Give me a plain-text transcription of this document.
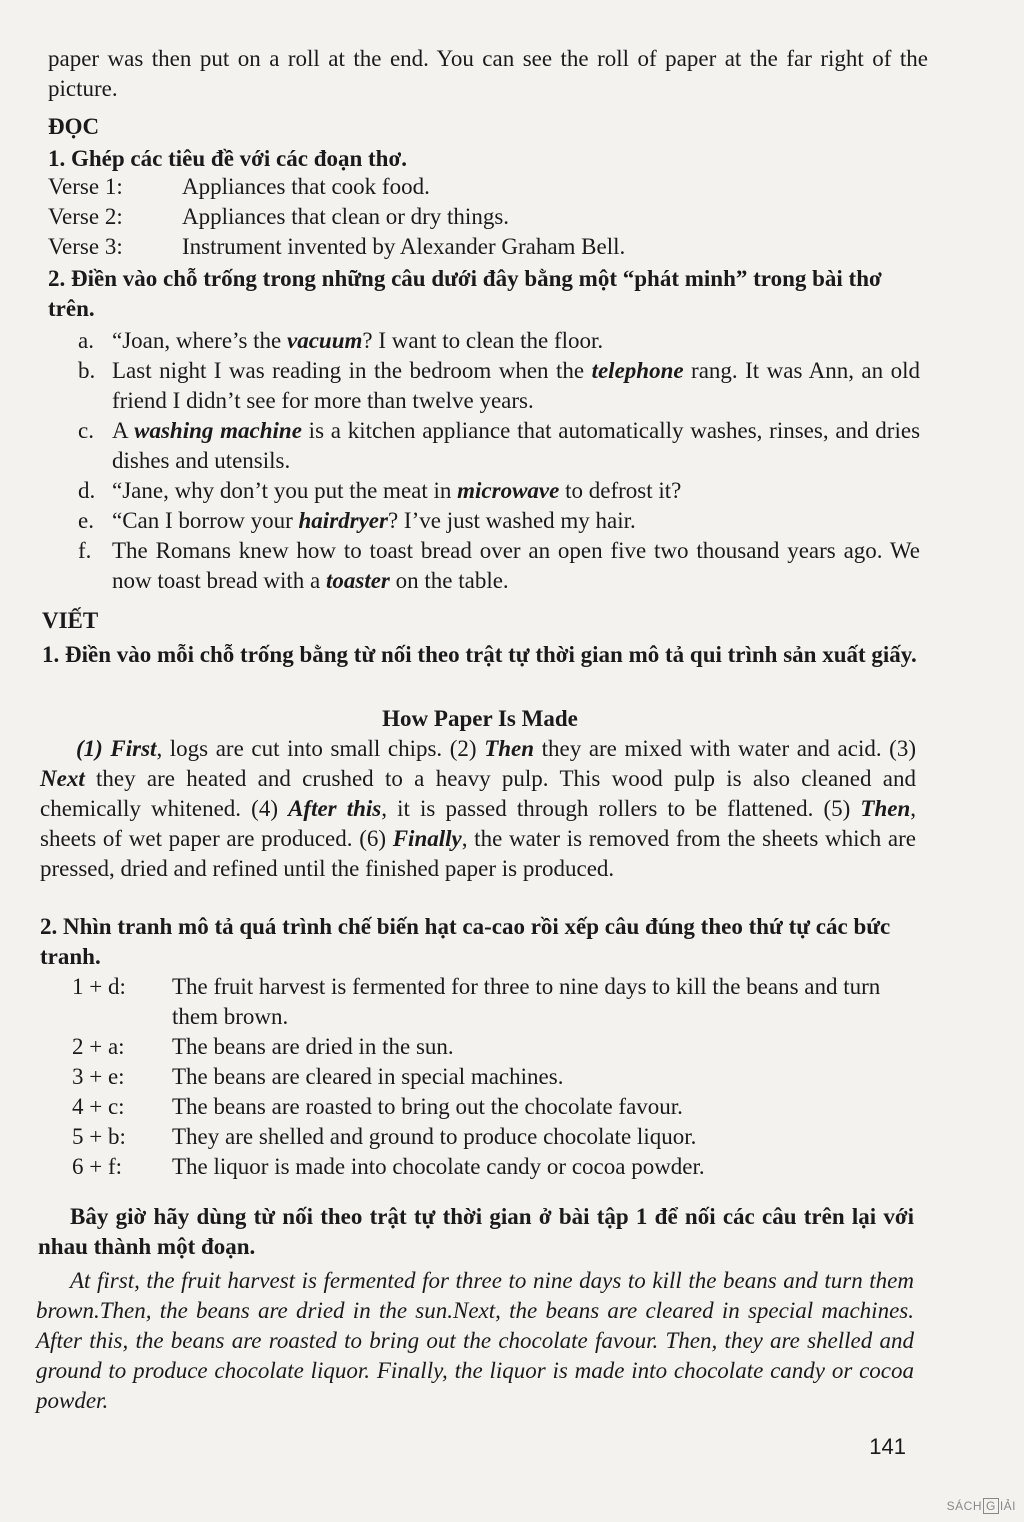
paper was then put on a roll at the end. You can see the roll of paper at the far right of the picture.
ĐỌC
1. Ghép các tiêu đề với các đoạn thơ.
Verse 1:	Appliances that cook food.
Verse 2:	Appliances that clean or dry things.
Verse 3:	Instrument invented by Alexander Graham Bell.
2. Điền vào chỗ trống trong những câu dưới đây bằng một “phát minh” trong bài thơ trên.
a. “Joan, where’s the vacuum? I want to clean the floor.
b. Last night I was reading in the bedroom when the telephone rang. It was Ann, an old friend I didn’t see for more than twelve years.
c. A washing machine is a kitchen appliance that automatically washes, rinses, and dries dishes and utensils.
d. “Jane, why don’t you put the meat in microwave to defrost it?
e. “Can I borrow your hairdryer? I’ve just washed my hair.
f. The Romans knew how to toast bread over an open five two thousand years ago. We now toast bread with a toaster on the table.
VIẾT
1. Điền vào mỗi chỗ trống bằng từ nối theo trật tự thời gian mô tả qui trình sản xuất giấy.
How Paper Is Made
(1) First, logs are cut into small chips. (2) Then they are mixed with water and acid. (3) Next they are heated and crushed to a heavy pulp. This wood pulp is also cleaned and chemically whitened. (4) After this, it is passed through rollers to be flattened. (5) Then, sheets of wet paper are produced. (6) Finally, the water is removed from the sheets which are pressed, dried and refined until the finished paper is produced.
2. Nhìn tranh mô tả quá trình chế biến hạt ca-cao rồi xếp câu đúng theo thứ tự các bức tranh.
1 + d:	The fruit harvest is fermented for three to nine days to kill the beans and turn them brown.
2 + a:	The beans are dried in the sun.
3 + e:	The beans are cleared in special machines.
4 + c:	The beans are roasted to bring out the chocolate favour.
5 + b:	They are shelled and ground to produce chocolate liquor.
6 + f:	The liquor is made into chocolate candy or cocoa powder.
Bây giờ hãy dùng từ nối theo trật tự thời gian ở bài tập 1 để nối các câu trên lại với nhau thành một đoạn.
At first, the fruit harvest is fermented for three to nine days to kill the beans and turn them brown.Then, the beans are dried in the sun.Next, the beans are cleared in special machines. After this, the beans are roasted to bring out the chocolate favour. Then, they are shelled and ground to produce chocolate liquor. Finally, the liquor is made into chocolate candy or cocoa powder.
141
SÁCH G IẢI
